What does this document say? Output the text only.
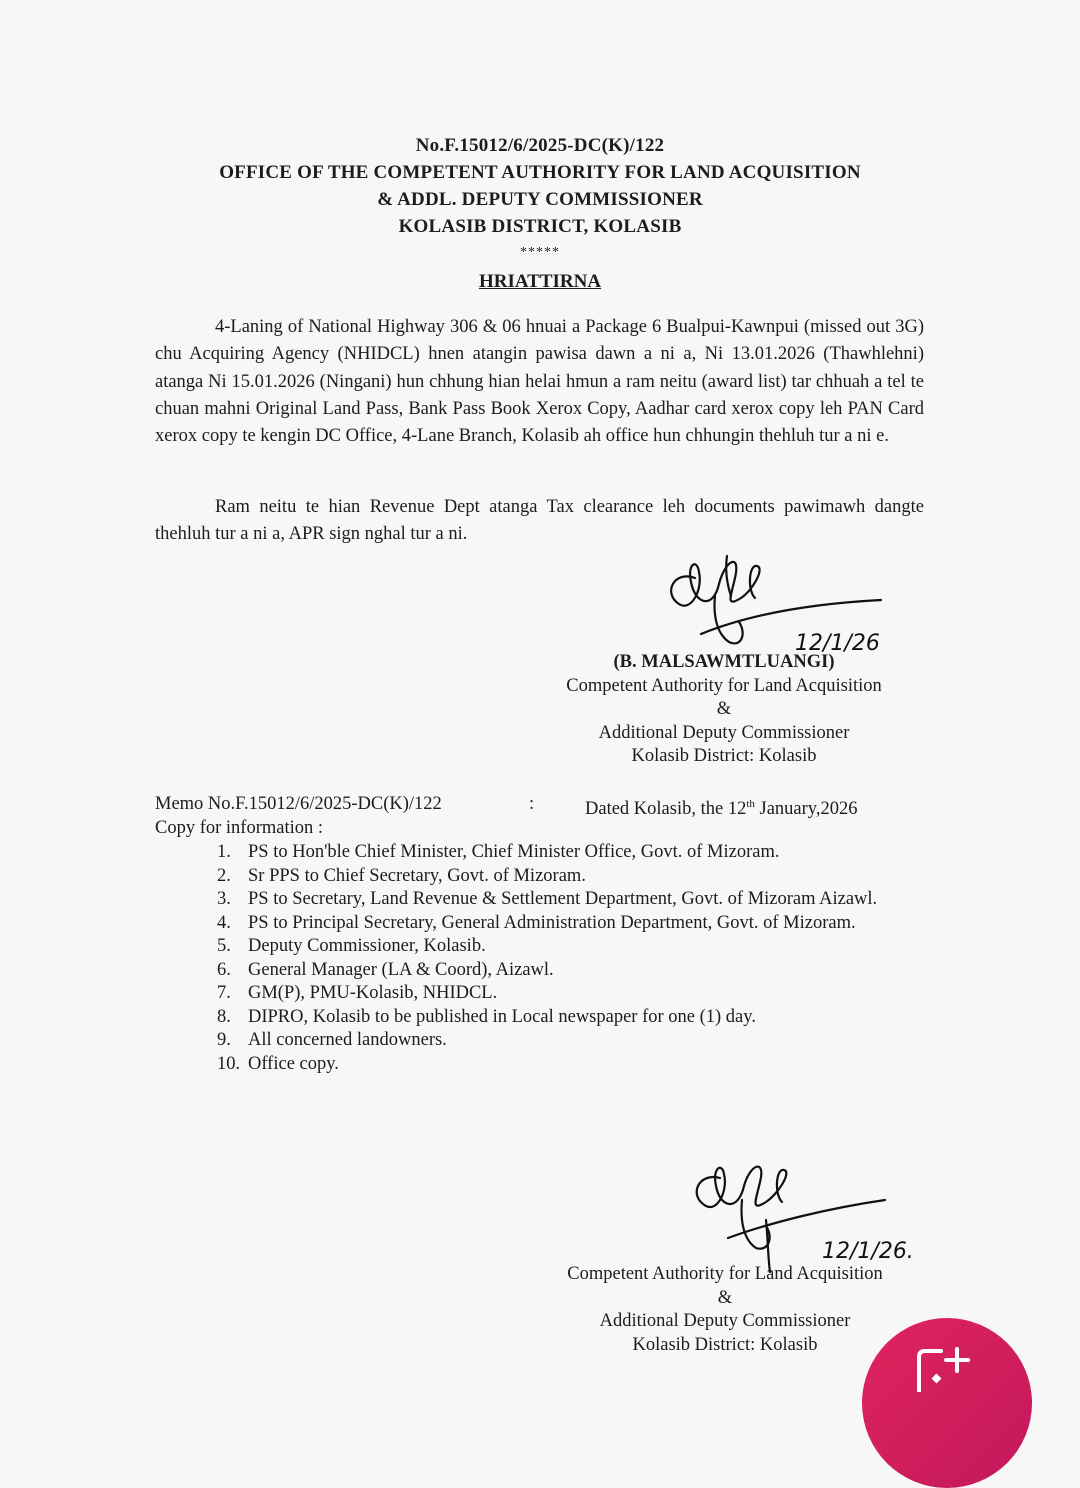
No.F.15012/6/2025-DC(K)/122
OFFICE OF THE COMPETENT AUTHORITY FOR LAND ACQUISITION
& ADDL. DEPUTY COMMISSIONER
KOLASIB DISTRICT, KOLASIB
*****
HRIATTIRNA

4-Laning of National Highway 306 & 06 hnuai a Package 6 Bualpui-Kawnpui (missed out 3G) chu Acquiring Agency (NHIDCL) hnen atangin pawisa dawn a ni a, Ni 13.01.2026 (Thawhlehni) atanga Ni 15.01.2026 (Ningani) hun chhung hian helai hmun a ram neitu (award list) tar chhuah a tel te chuan mahni Original Land Pass, Bank Pass Book Xerox Copy, Aadhar card xerox copy leh PAN Card xerox copy te kengin DC Office, 4-Lane Branch, Kolasib ah office hun chhungin thehluh tur a ni e.

Ram neitu te hian Revenue Dept atanga Tax clearance leh documents pawimawh dangte thehluh tur a ni a, APR sign nghal tur a ni.

12/1/26
(B. MALSAWMTLUANGI)
Competent Authority for Land Acquisition
&
Additional Deputy Commissioner
Kolasib District: Kolasib
Memo No.F.15012/6/2025-DC(K)/122	:	Dated Kolasib, the 12th January,2026
Copy for information :
1. PS to Hon'ble Chief Minister, Chief Minister Office, Govt. of Mizoram.
2. Sr PPS to Chief Secretary, Govt. of Mizoram.
3. PS to Secretary, Land Revenue & Settlement Department, Govt. of Mizoram Aizawl.
4. PS to Principal Secretary, General Administration Department, Govt. of Mizoram.
5. Deputy Commissioner, Kolasib.
6. General Manager (LA & Coord), Aizawl.
7. GM(P), PMU-Kolasib, NHIDCL.
8. DIPRO, Kolasib to be published in Local newspaper for one (1) day.
9. All concerned landowners.
10. Office copy.
12/1/26.
Competent Authority for Land Acquisition
&
Additional Deputy Commissioner
Kolasib District: Kolasib
